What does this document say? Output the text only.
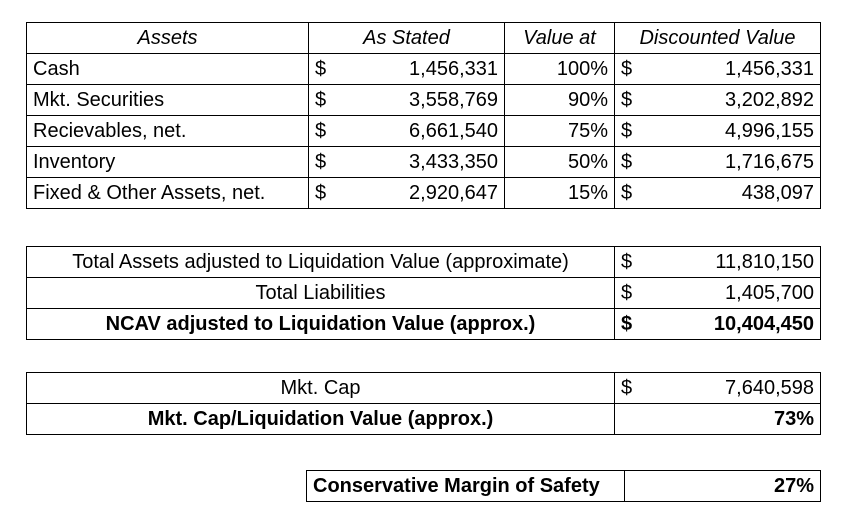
Assets	As Stated		Value at	Discounted Value	
Cash	$	1,456,331	100%	$	1,456,331
Mkt. Securities	$	3,558,769	90%	$	3,202,892
Recievables, net.	$	6,661,540	75%	$	4,996,155
Inventory	$	3,433,350	50%	$	1,716,675
Fixed & Other Assets, net.	$	2,920,647	15%	$	438,097
Total Assets adjusted to Liquidation Value (approximate)	$	11,810,150
Total Liabilities	$	1,405,700
NCAV adjusted to Liquidation Value (approx.)	$	10,404,450
Mkt. Cap	$	7,640,598
Mkt. Cap/Liquidation Value (approx.)		73%
Conservative Margin of Safety	27%
